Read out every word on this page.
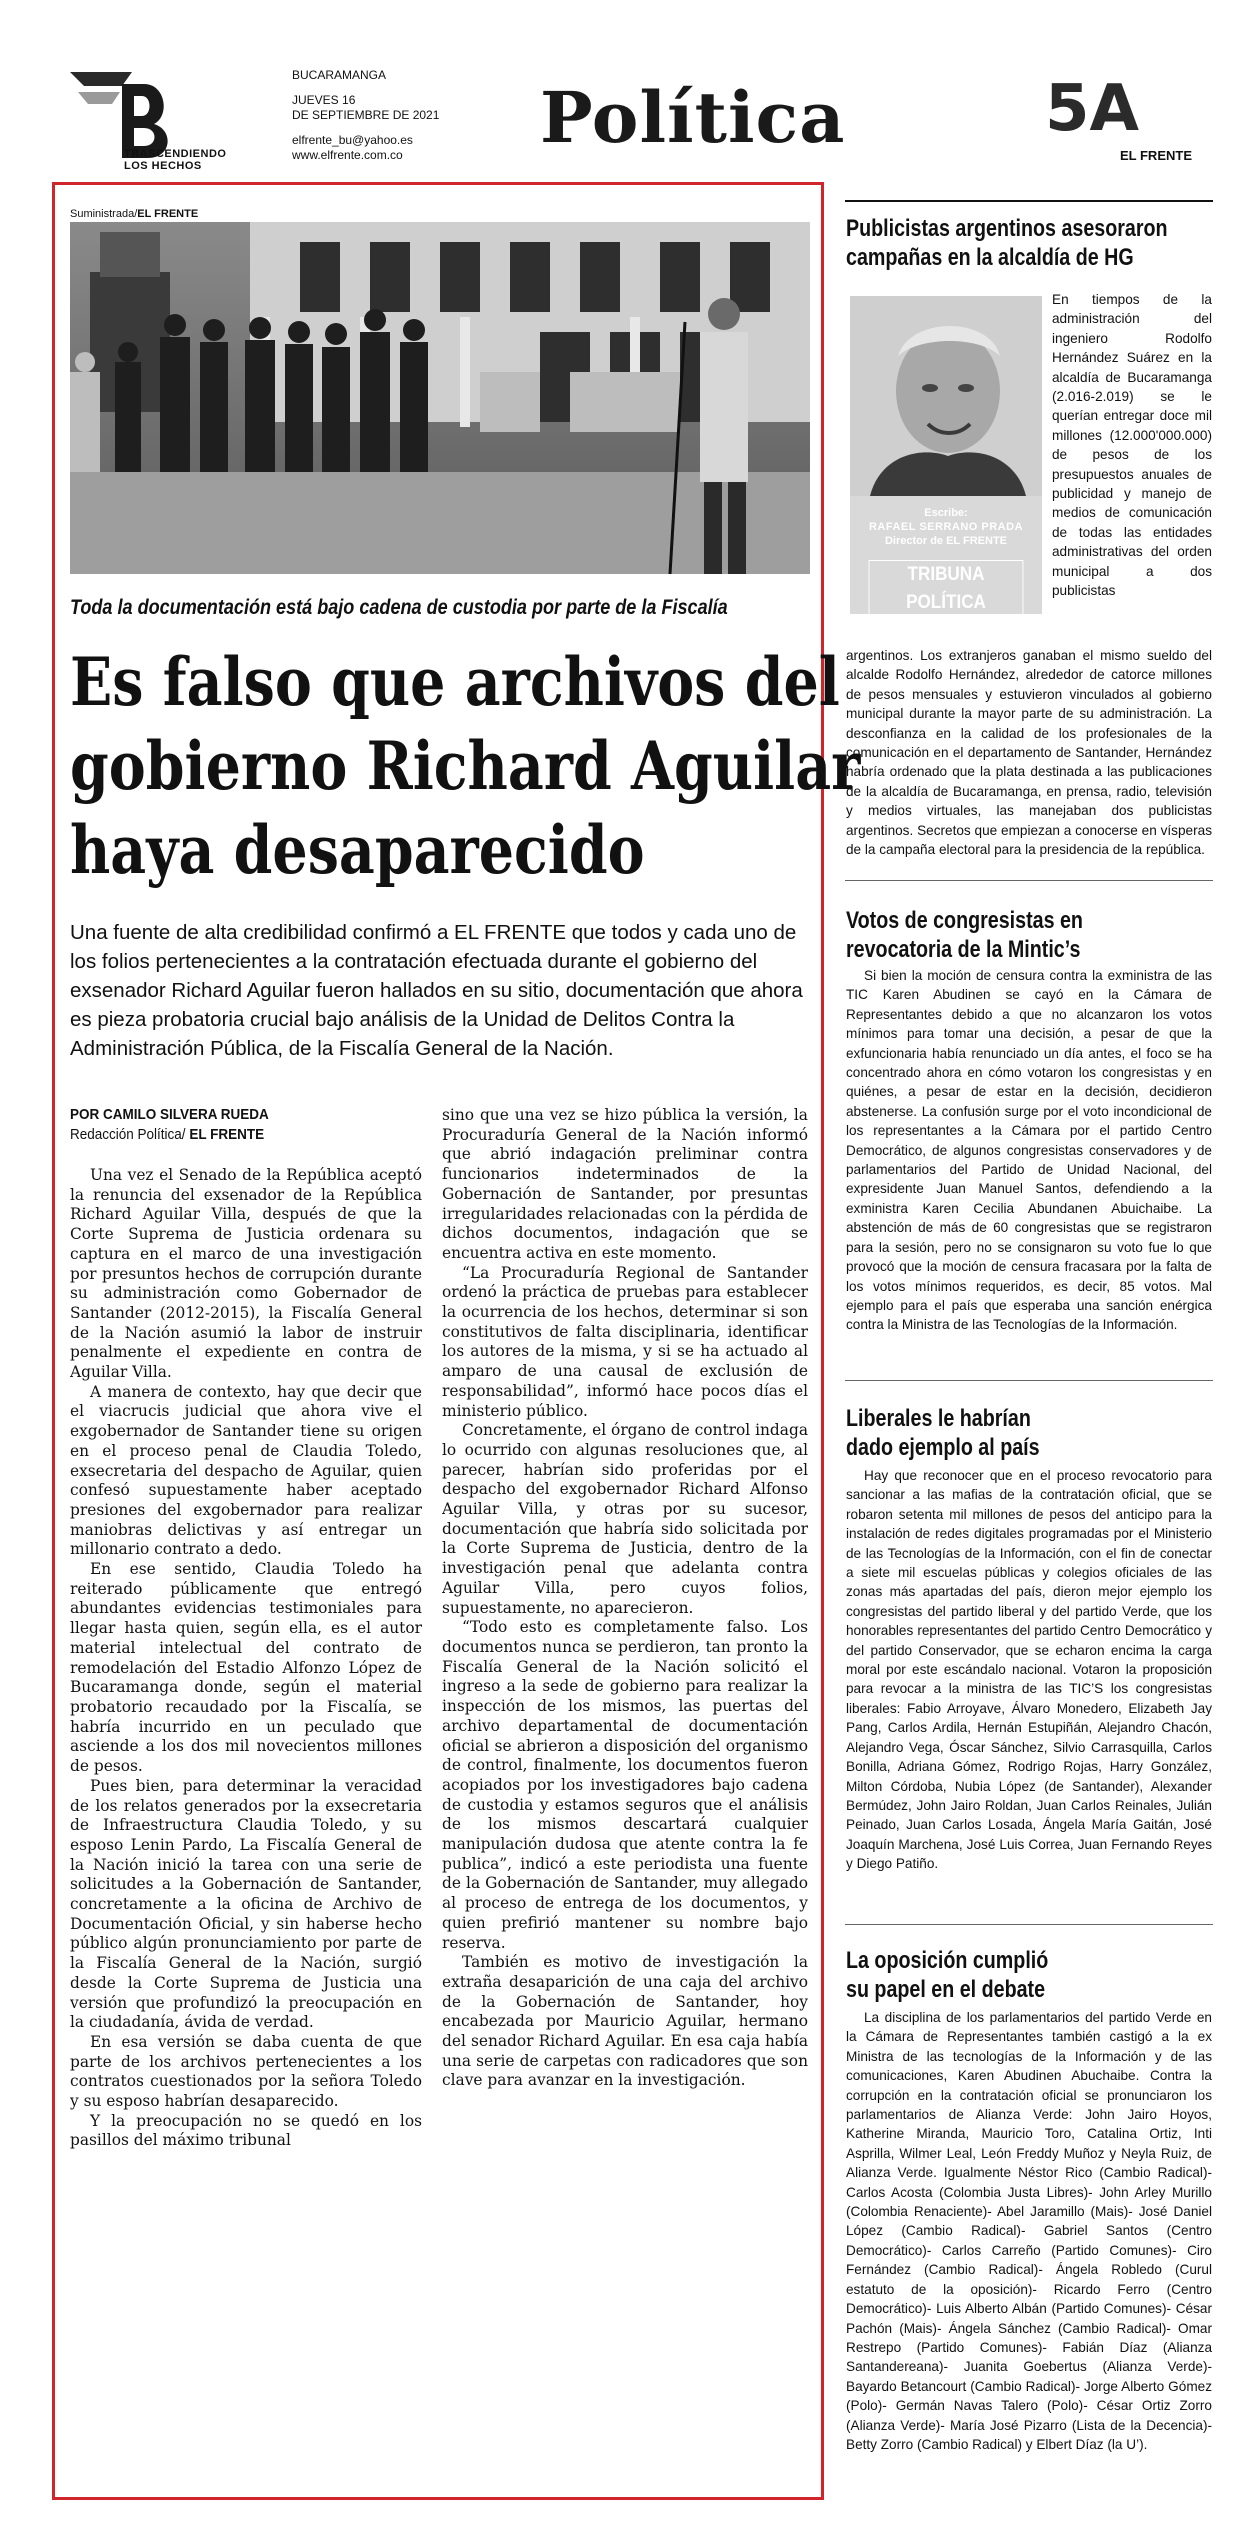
TRASCENDIENDO
LOS HECHOS
BUCARAMANGA
JUEVES 16
DE SEPTIEMBRE DE 2021
elfrente_bu@yahoo.es
www.elfrente.com.co	Política	5A
EL FRENTE
Suministrada/EL FRENTE
Toda la documentación está bajo cadena de custodia por parte de la Fiscalía
Es falso que archivos del
gobierno Richard Aguilar
haya desaparecido
Una fuente de alta credibilidad confirmó a EL FRENTE que todos y cada uno de los folios pertenecientes a la contratación efectuada durante el gobierno del exsenador Richard Aguilar fueron hallados en su sitio, documentación que ahora es pieza probatoria crucial bajo análisis de la Unidad de Delitos Contra la Administración Pública, de la Fiscalía General de la Nación.
POR CAMILO SILVERA RUEDA
Redacción Política/ EL FRENTE

Una vez el Senado de la República aceptó la renuncia del exsenador de la República Richard Aguilar Villa, después de que la Corte Suprema de Justicia ordenara su captura en el marco de una investigación por presuntos hechos de corrupción durante su administración como Gobernador de Santander (2012-2015), la Fiscalía General de la Nación asumió la labor de instruir penalmente el expediente en contra de Aguilar Villa.

A manera de contexto, hay que decir que el viacrucis judicial que ahora vive el exgobernador de Santander tiene su origen en el proceso penal de Claudia Toledo, exsecretaria del despacho de Aguilar, quien confesó supuestamente haber aceptado presiones del exgobernador para realizar maniobras delictivas y así entregar un millonario contrato a dedo.

En ese sentido, Claudia Toledo ha reiterado públicamente que entregó abundantes evidencias testimoniales para llegar hasta quien, según ella, es el autor material intelectual del contrato de remodelación del Estadio Alfonzo López de Bucaramanga donde, según el material probatorio recaudado por la Fiscalía, se habría incurrido en un peculado que asciende a los dos mil novecientos millones de pesos.

Pues bien, para determinar la veracidad de los relatos generados por la exsecretaria de Infraestructura Claudia Toledo, y su esposo Lenin Pardo, La Fiscalía General de la Nación inició la tarea con una serie de solicitudes a la Gobernación de Santander, concretamente a la oficina de Archivo de Documentación Oficial, y sin haberse hecho público algún pronunciamiento por parte de la Fiscalía General de la Nación, surgió desde la Corte Suprema de Justicia una versión que profundizó la preocupación en la ciudadanía, ávida de verdad.

En esa versión se daba cuenta de que parte de los archivos pertenecientes a los contratos cuestionados por la señora Toledo y su esposo habrían desaparecido.

Y la preocupación no se quedó en los pasillos del máximo tribunal

sino que una vez se hizo pública la versión, la Procuraduría General de la Nación informó que abrió indagación preliminar contra funcionarios indeterminados de la Gobernación de Santander, por presuntas irregularidades relacionadas con la pérdida de dichos documentos, indagación que se encuentra activa en este momento.

“La Procuraduría Regional de Santander ordenó la práctica de pruebas para establecer la ocurrencia de los hechos, determinar si son constitutivos de falta disciplinaria, identificar los autores de la misma, y si se ha actuado al amparo de una causal de exclusión de responsabilidad”, informó hace pocos días el ministerio público.

Concretamente, el órgano de control indaga lo ocurrido con algunas resoluciones que, al parecer, habrían sido proferidas por el despacho del exgobernador Richard Alfonso Aguilar Villa, y otras por su sucesor, documentación que habría sido solicitada por la Corte Suprema de Justicia, dentro de la investigación penal que adelanta contra Aguilar Villa, pero cuyos folios, supuestamente, no aparecieron.

“Todo esto es completamente falso. Los documentos nunca se perdieron, tan pronto la Fiscalía General de la Nación solicitó el ingreso a la sede de gobierno para realizar la inspección de los mismos, las puertas del archivo departamental de documentación oficial se abrieron a disposición del organismo de control, finalmente, los documentos fueron acopiados por los investigadores bajo cadena de custodia y estamos seguros que el análisis de los mismos descartará cualquier manipulación dudosa que atente contra la fe publica”, indicó a este periodista una fuente de la Gobernación de Santander, muy allegado al proceso de entrega de los documentos, y quien prefirió mantener su nombre bajo reserva.

También es motivo de investigación la extraña desaparición de una caja del archivo de la Gobernación de Santander, hoy encabezada por Mauricio Aguilar, hermano del senador Richard Aguilar. En esa caja había una serie de carpetas con radicadores que son clave para avanzar en la investigación.

Publicistas argentinos asesoraron
campañas en la alcaldía de HG
Escribe:
RAFAEL SERRANO PRADA
Director de EL FRENTE
TRIBUNA POLÍTICA
En tiempos de la administración del ingeniero Rodolfo Hernández Suárez en la alcaldía de Bucaramanga (2.016-2.019) se le querían entregar doce mil millones (12.000'000.000) de pesos de los presupuestos anuales de publicidad y manejo de medios de comunicación de todas las entidades administrativas del orden municipal a dos publicistas
argentinos. Los extranjeros ganaban el mismo sueldo del alcalde Rodolfo Hernández, alrededor de catorce millones de pesos mensuales y estuvieron vinculados al gobierno municipal durante la mayor parte de su administración. La desconfianza en la calidad de los profesionales de la comunicación en el departamento de Santander, Hernández habría ordenado que la plata destinada a las publicaciones de la alcaldía de Bucaramanga, en prensa, radio, televisión y medios virtuales, las manejaban dos publicistas argentinos. Secretos que empiezan a conocerse en vísperas de la campaña electoral para la presidencia de la república.
Votos de congresistas en
revocatoria de la Mintic’s

Si bien la moción de censura contra la exministra de las TIC Karen Abudinen se cayó en la Cámara de Representantes debido a que no alcanzaron los votos mínimos para tomar una decisión, a pesar de que la exfuncionaria había renunciado un día antes, el foco se ha concentrado ahora en cómo votaron los congresistas y en quiénes, a pesar de estar en la decisión, decidieron abstenerse. La confusión surge por el voto incondicional de los representantes a la Cámara por el partido Centro Democrático, de algunos congresistas conservadores y de parlamentarios del Partido de Unidad Nacional, del expresidente Juan Manuel Santos, defendiendo a la exministra Karen Cecilia Abundanen Abuichaibe. La abstención de más de 60 congresistas que se registraron para la sesión, pero no se consignaron su voto fue lo que provocó que la moción de censura fracasara por la falta de los votos mínimos requeridos, es decir, 85 votos. Mal ejemplo para el país que esperaba una sanción enérgica contra la Ministra de las Tecnologías de la Información.

Liberales le habrían
dado ejemplo al país

Hay que reconocer que en el proceso revocatorio para sancionar a las mafias de la contratación oficial, que se robaron setenta mil millones de pesos del anticipo para la instalación de redes digitales programadas por el Ministerio de las Tecnologías de la Información, con el fin de conectar a siete mil escuelas públicas y colegios oficiales de las zonas más apartadas del país, dieron mejor ejemplo los congresistas del partido liberal y del partido Verde, que los honorables representantes del partido Centro Democrático y del partido Conservador, que se echaron encima la carga moral por este escándalo nacional. Votaron la proposición para revocar a la ministra de las TIC’S los congresistas liberales: Fabio Arroyave, Álvaro Monedero, Elizabeth Jay Pang, Carlos Ardila, Hernán Estupiñán, Alejandro Chacón, Alejandro Vega, Óscar Sánchez, Silvio Carrasquilla, Carlos Bonilla, Adriana Gómez, Rodrigo Rojas, Harry González, Milton Córdoba, Nubia López (de Santander), Alexander Bermúdez, John Jairo Roldan, Juan Carlos Reinales, Julián Peinado, Juan Carlos Losada, Ángela María Gaitán, José Joaquín Marchena, José Luis Correa, Juan Fernando Reyes y Diego Patiño.

La oposición cumplió
su papel en el debate

La disciplina de los parlamentarios del partido Verde en la Cámara de Representantes también castigó a la ex Ministra de las tecnologías de la Información y de las comunicaciones, Karen Abudinen Abuchaibe. Contra la corrupción en la contratación oficial se pronunciaron los parlamentarios de Alianza Verde: John Jairo Hoyos, Katherine Miranda, Mauricio Toro, Catalina Ortiz, Inti Asprilla, Wilmer Leal, León Freddy Muñoz y Neyla Ruiz, de Alianza Verde. Igualmente Néstor Rico (Cambio Radical)- Carlos Acosta (Colombia Justa Libres)- John Arley Murillo (Colombia Renaciente)- Abel Jaramillo (Mais)- José Daniel López (Cambio Radical)- Gabriel Santos (Centro Democrático)- Carlos Carreño (Partido Comunes)- Ciro Fernández (Cambio Radical)- Ángela Robledo (Curul estatuto de la oposición)- Ricardo Ferro (Centro Democrático)- Luis Alberto Albán (Partido Comunes)- César Pachón (Mais)- Ángela Sánchez (Cambio Radical)- Omar Restrepo (Partido Comunes)- Fabián Díaz (Alianza Santandereana)- Juanita Goebertus (Alianza Verde)- Bayardo Betancourt (Cambio Radical)- Jorge Alberto Gómez (Polo)- Germán Navas Talero (Polo)- César Ortiz Zorro (Alianza Verde)- María José Pizarro (Lista de la Decencia)- Betty Zorro (Cambio Radical) y Elbert Díaz (la U’).
